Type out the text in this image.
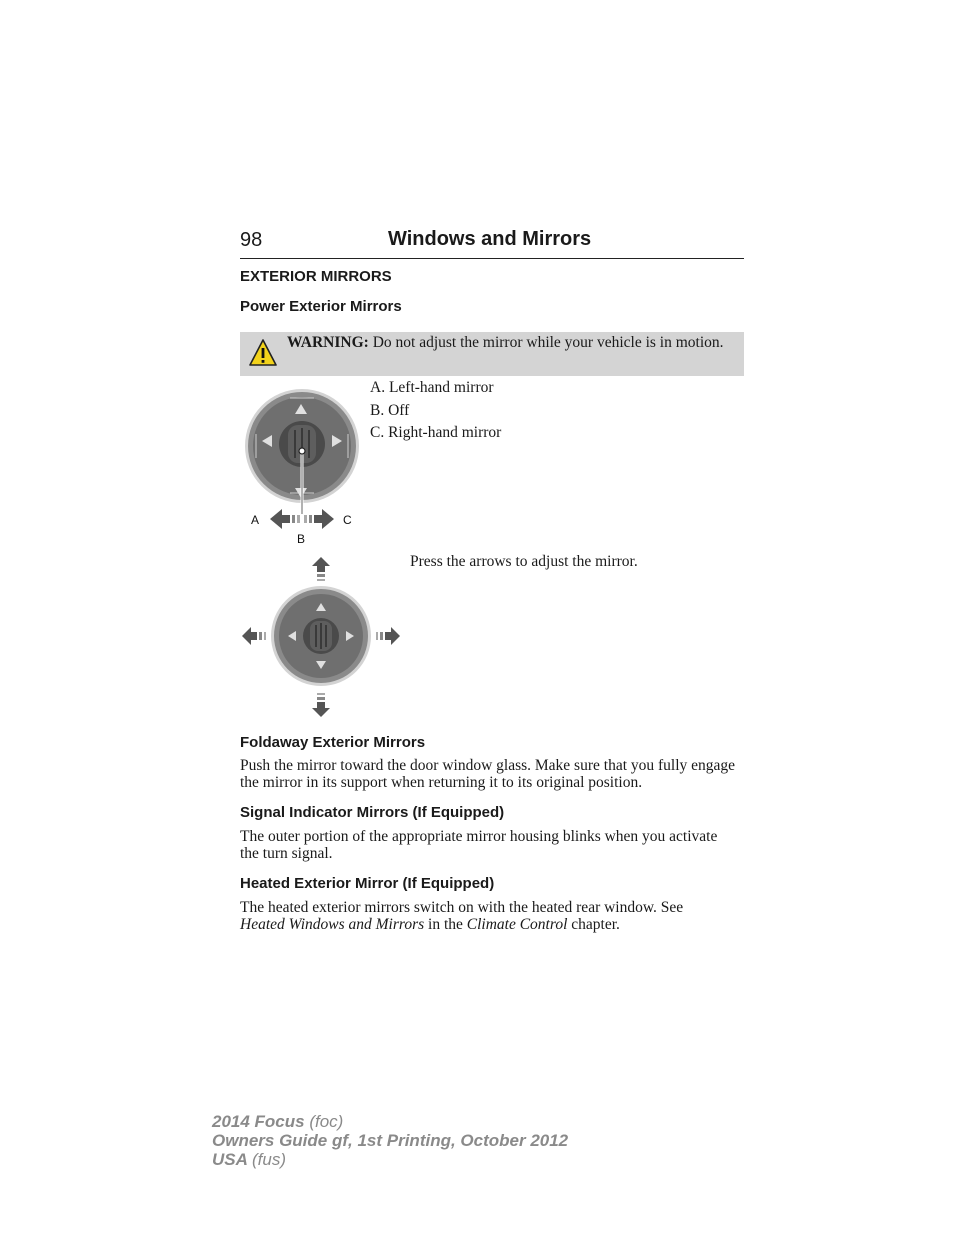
98	Windows and Mirrors
EXTERIOR MIRRORS
Power Exterior Mirrors
WARNING: Do not adjust the mirror while your vehicle is in motion.
A	C
B
A. Left-hand mirror
B. Off
C. Right-hand mirror
Press the arrows to adjust the mirror.
Foldaway Exterior Mirrors
Push the mirror toward the door window glass. Make sure that you fully engage the mirror in its support when returning it to its original position.
Signal Indicator Mirrors (If Equipped)
The outer portion of the appropriate mirror housing blinks when you activate the turn signal.
Heated Exterior Mirror (If Equipped)
The heated exterior mirrors switch on with the heated rear window. See Heated Windows and Mirrors in the Climate Control chapter.
2014 Focus (foc)
Owners Guide gf, 1st Printing, October 2012
USA (fus)
